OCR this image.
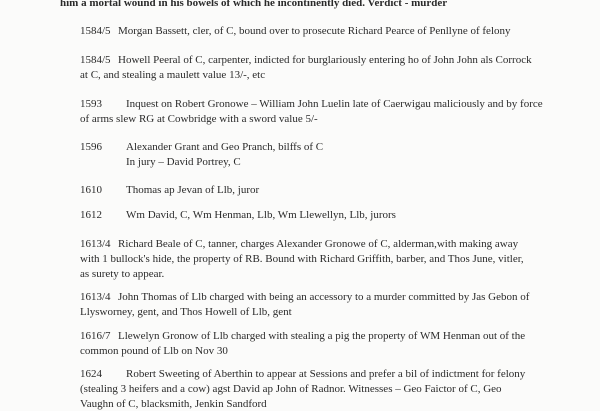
him a mortal wound in his bowels of which he incontinently died. Verdict - murder
1584/5 Morgan Bassett, cler, of C, bound over to prosecute Richard Pearce of Penllyne of felony
1584/5 Howell Peeral of C, carpenter, indicted for burglariously entering ho of John John als Corrock
at C, and stealing a maulett value 13/-, etc
1593 Inquest on Robert Gronowe – William John Luelin late of Caerwigau maliciously and by force
of arms slew RG at Cowbridge with a sword value 5/-
1596 Alexander Grant and Geo Pranch, bilffs of C
In jury – David Portrey, C
1610 Thomas ap Jevan of Llb, juror
1612 Wm David, C, Wm Henman, Llb, Wm Llewellyn, Llb, jurors
1613/4 Richard Beale of C, tanner, charges Alexander Gronowe of C, alderman,with making away
with 1 bullock's hide, the property of RB. Bound with Richard Griffith, barber, and Thos June, vitler,
as surety to appear.
1613/4 John Thomas of Llb charged with being an accessory to a murder committed by Jas Gebon of
Llysworney, gent, and Thos Howell of Llb, gent
1616/7 Llewelyn Gronow of Llb charged with stealing a pig the property of WM Henman out of the
common pound of Llb on Nov 30
1624 Robert Sweeting of Aberthin to appear at Sessions and prefer a bil of indictment for felony
(stealing 3 heifers and a cow) agst David ap John of Radnor. Witnesses – Geo Faictor of C, Geo
Vaughn of C, blacksmith, Jenkin Sandford
